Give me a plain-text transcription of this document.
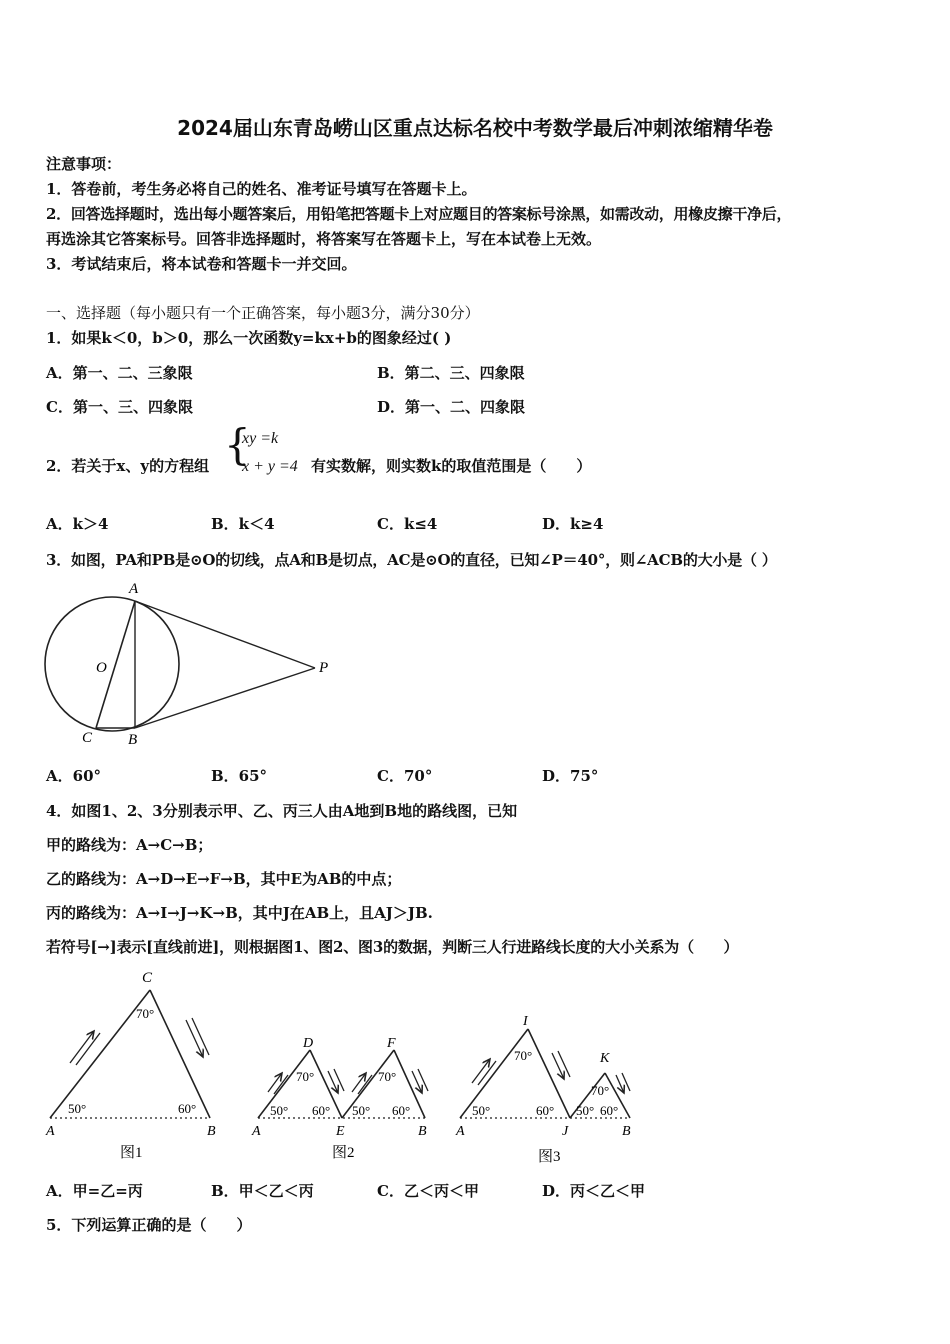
2024届山东青岛崂山区重点达标名校中考数学最后冲刺浓缩精华卷
注意事项：
1．答卷前，考生务必将自己的姓名、准考证号填写在答题卡上。
2．回答选择题时，选出每小题答案后，用铅笔把答题卡上对应题目的答案标号涂黑，如需改动，用橡皮擦干净后，
再选涂其它答案标号。回答非选择题时，将答案写在答题卡上，写在本试卷上无效。
3．考试结束后，将本试卷和答题卡一并交回。
一、选择题（每小题只有一个正确答案，每小题3分，满分30分）
1．如果k＜0，b＞0，那么一次函数y=kx+b的图象经过( )
A．第一、二、三象限	B．第二、三、四象限
C．第一、三、四象限	D．第一、二、四象限
2．若关于x、y的方程组 {
xy =k
x + y =4 有实数解，则实数k的取值范围是（　　）
A．k＞4	B．k＜4	C．k≤4	D．k≥4
3．如图，PA和PB是⊙O的切线，点A和B是切点，AC是⊙O的直径，已知∠P＝40°，则∠ACB的大小是（ ）
A
O	P
C B
A．60°	B．65°	C．70°	D．75°
4．如图1、2、3分别表示甲、乙、丙三人由A地到B地的路线图，已知
甲的路线为：A→C→B；
乙的路线为：A→D→E→F→B，其中E为AB的中点；
丙的路线为：A→I→J→K→B，其中J在AB上，且AJ＞JB.
若符号[→]表示[直线前进]，则根据图1、图2、图3的数据，判断三人行进路线长度的大小关系为（　　）
C
70°
50°	60°
A	B
图1
D	F
70°	70°
50° 60° 50° 60°
A	E	B
图2
I
K
70°
70°
50°	60° 50° 60°
A	J	B
图3
A．甲=乙=丙	B．甲＜乙＜丙	C．乙＜丙＜甲	D．丙＜乙＜甲
5．下列运算正确的是（　　）
